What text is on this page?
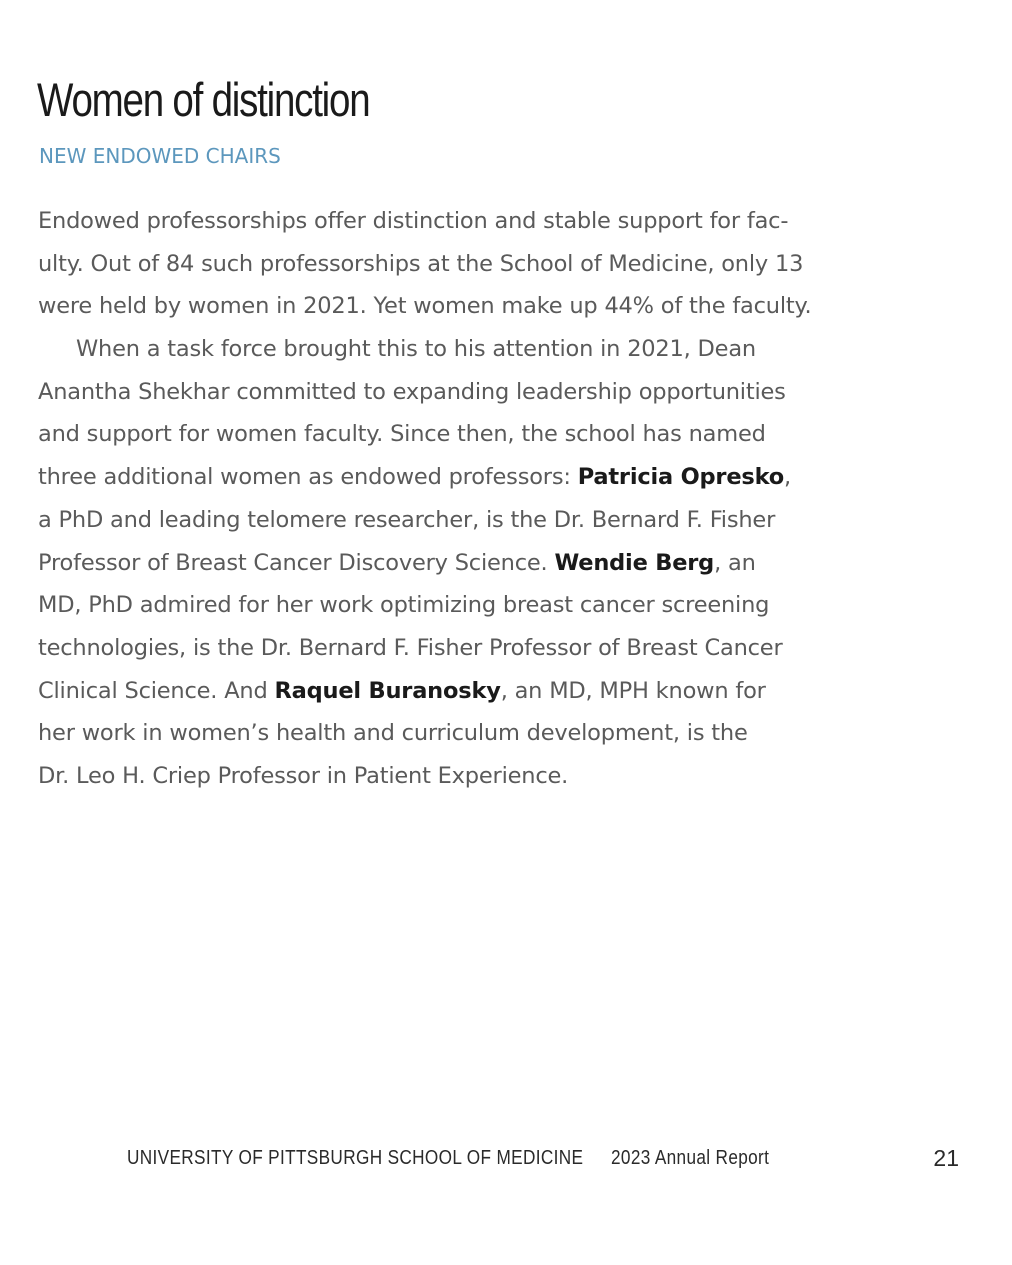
Women of distinction
NEW ENDOWED CHAIRS
Endowed professorships offer distinction and stable support for fac-
ulty. Out of 84 such professorships at the School of Medicine, only 13
were held by women in 2021. Yet women make up 44% of the faculty.
When a task force brought this to his attention in 2021, Dean
Anantha Shekhar committed to expanding leadership opportunities
and support for women faculty. Since then, the school has named
three additional women as endowed professors: Patricia Opresko,
a PhD and leading telomere researcher, is the Dr. Bernard F. Fisher
Professor of Breast Cancer Discovery Science. Wendie Berg, an
MD, PhD admired for her work optimizing breast cancer screening
technologies, is the Dr. Bernard F. Fisher Professor of Breast Cancer
Clinical Science. And Raquel Buranosky, an MD, MPH known for
her work in women’s health and curriculum development, is the
Dr. Leo H. Criep Professor in Patient Experience.
UNIVERSITY OF PITTSBURGH SCHOOL OF MEDICINE 2023 Annual Report	21
